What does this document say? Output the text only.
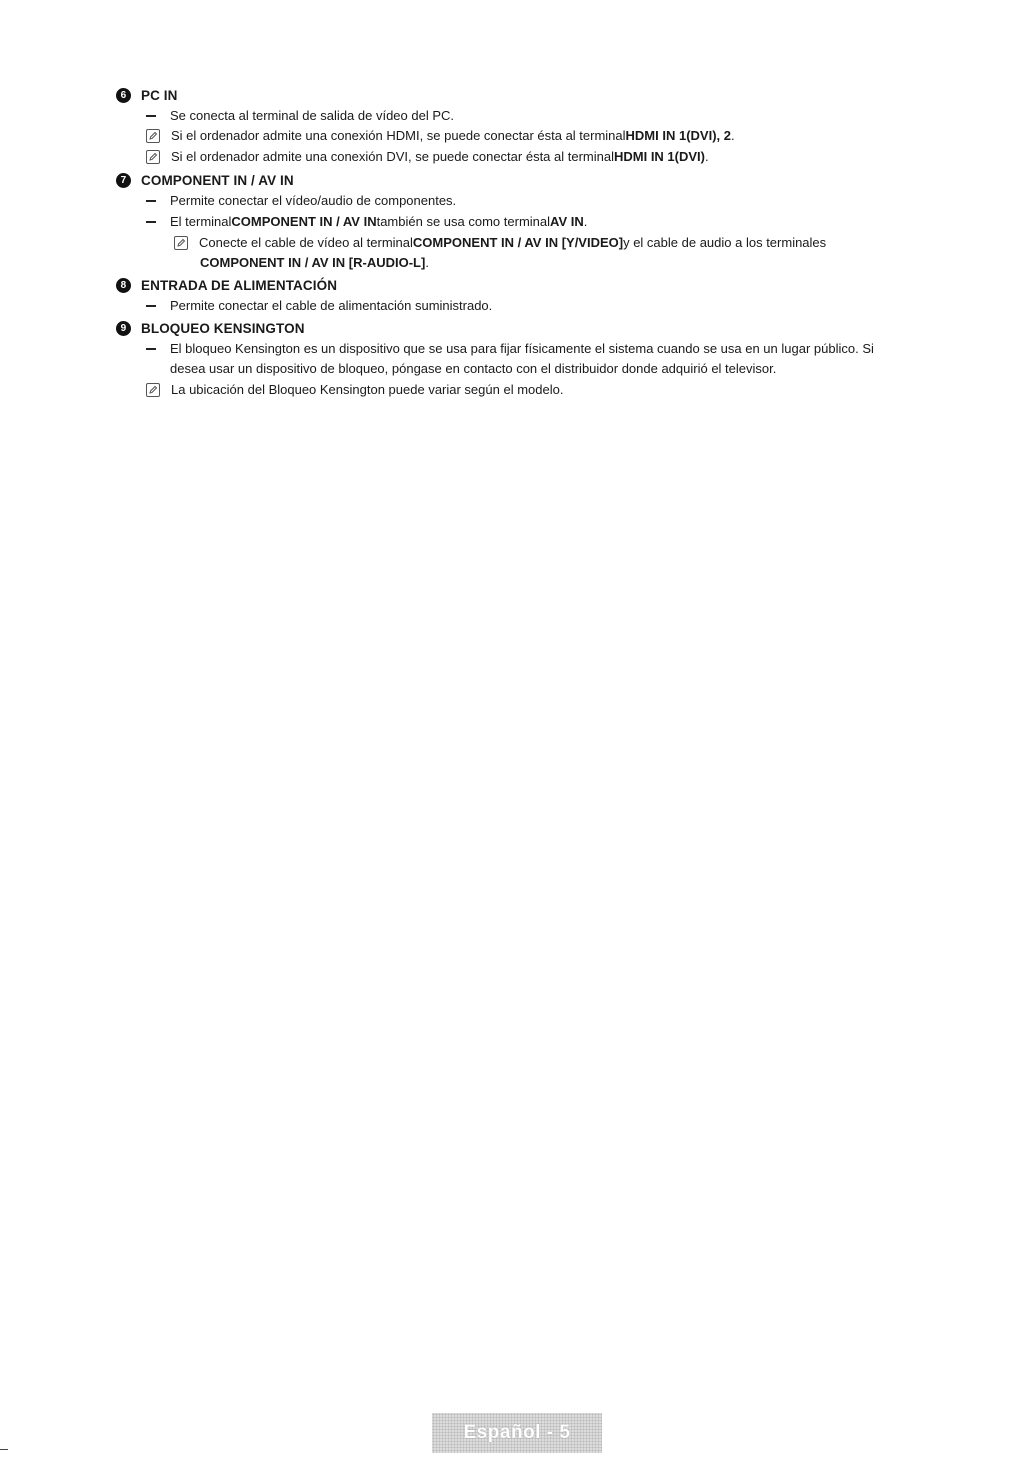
6	PC IN
Se conecta al terminal de salida de vídeo del PC.
Si el ordenador admite una conexión HDMI, se puede conectar ésta al terminal HDMI IN 1(DVI), 2 .
Si el ordenador admite una conexión DVI, se puede conectar ésta al terminal HDMI IN 1(DVI) .
7	COMPONENT IN / AV IN
Permite conectar el vídeo/audio de componentes.
El terminal COMPONENT IN / AV IN también se usa como terminal AV IN .
Conecte el cable de vídeo al terminal COMPONENT IN / AV IN [Y/VIDEO] y el cable de audio a los terminales
COMPONENT IN / AV IN [R-AUDIO-L].
8	ENTRADA DE ALIMENTACIÓN
Permite conectar el cable de alimentación suministrado.
9	BLOQUEO KENSINGTON
El bloqueo Kensington es un dispositivo que se usa para fijar físicamente el sistema cuando se usa en un lugar público. Si
desea usar un dispositivo de bloqueo, póngase en contacto con el distribuidor donde adquirió el televisor.
La ubicación del Bloqueo Kensington puede variar según el modelo.
Español - 5
